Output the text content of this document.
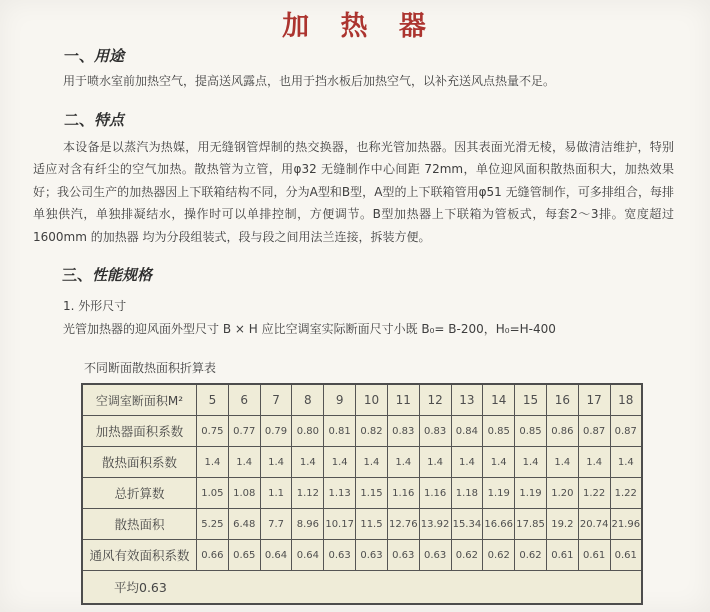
加 热 器
一、用途

用于喷水室前加热空气，提高送风露点，也用于挡水板后加热空气，以补充送风点热量不足。

二、特点

本设备是以蒸汽为热媒，用无缝钢管焊制的热交换器，也称光管加热器。因其表面光滑无棱，易做清洁维护，特别适应对含有纤尘的空气加热。散热管为立管，用φ32 无缝制作中心间距 72mm，单位迎风面积散热面积大，加热效果好；我公司生产的加热器因上下联箱结构不同，分为A型和B型，A型的上下联箱管用φ51 无缝管制作，可多排组合，每排单独供汽，单独排凝结水，操作时可以单排控制，方便调节。B型加热器上下联箱为管板式，每套2～3排。宽度超过 1600mm 的加热器 均为分段组装式，段与段之间用法兰连接，拆装方便。

三、性能规格

1. 外形尺寸

光管加热器的迎风面外型尺寸 B × H 应比空调室实际断面尺寸小既 B₀= B-200，H₀=H-400

不同断面散热面积折算表

空调室断面积M²	5	6	7	8	9	10	11	12	13	14	15	16	17	18
加热器面积系数	0.75	0.77	0.79	0.80	0.81	0.82	0.83	0.83	0.84	0.85	0.85	0.86	0.87	0.87
散热面积系数	1.4	1.4	1.4	1.4	1.4	1.4	1.4	1.4	1.4	1.4	1.4	1.4	1.4	1.4
总折算数	1.05	1.08	1.1	1.12	1.13	1.15	1.16	1.16	1.18	1.19	1.19	1.20	1.22	1.22
散热面积	5.25	6.48	7.7	8.96	10.17	11.5	12.76	13.92	15.34	16.66	17.85	19.2	20.74	21.96
通风有效面积系数	0.66	0.65	0.64	0.64	0.63	0.63	0.63	0.63	0.62	0.62	0.62	0.61	0.61	0.61
平均0.63														
